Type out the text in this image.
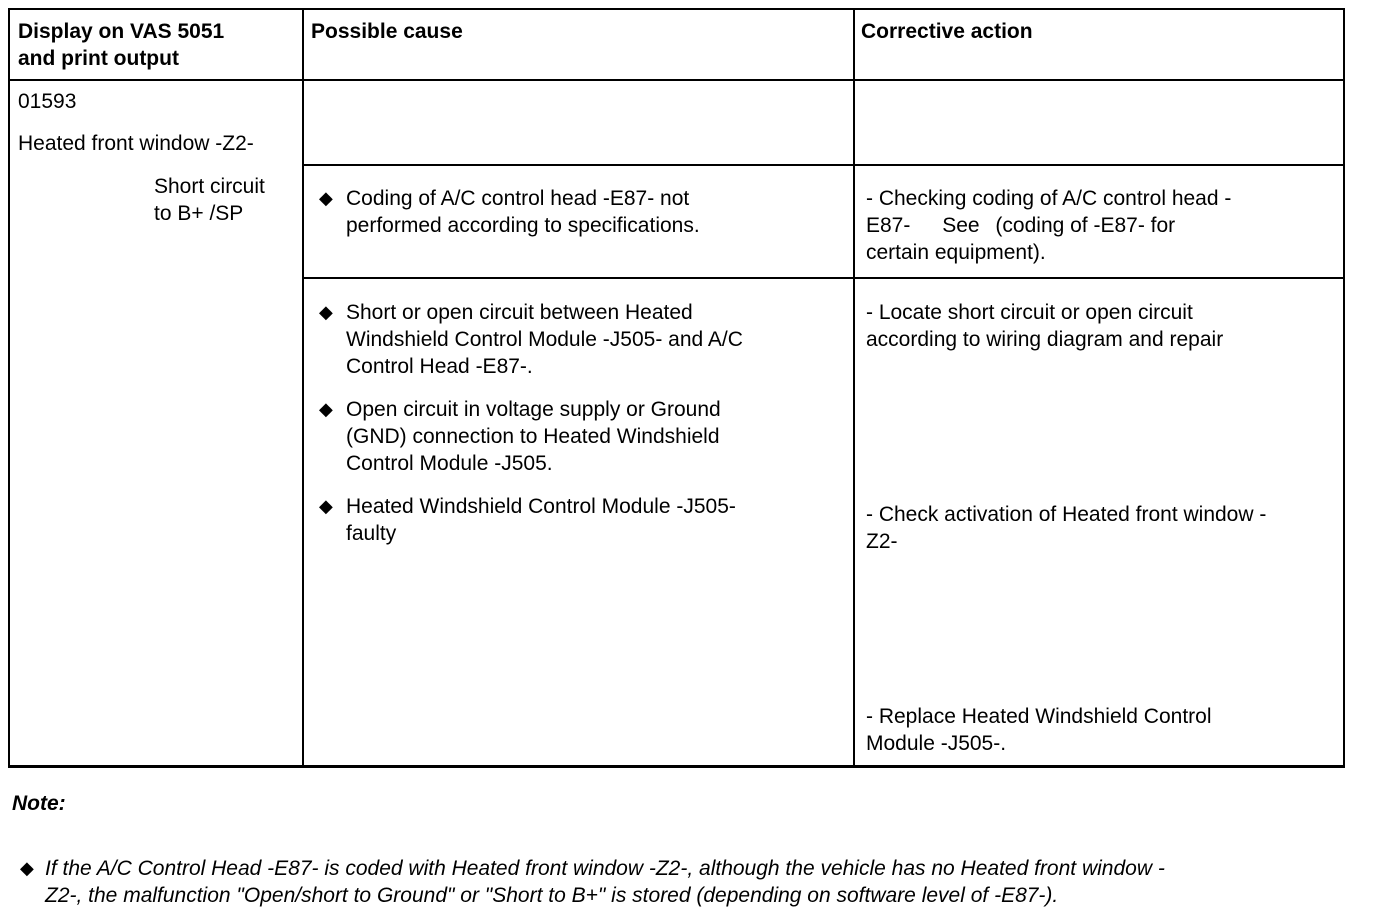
Display on VAS 5051
and print output
Possible cause	Corrective action
01593
Heated front window -Z2-
Short circuit
to B+ /SP
◆ Coding of A/C control head -E87- not
performed according to specifications.
- Checking coding of A/C control head -
E87- See (coding of -E87- for
certain equipment).
◆ Short or open circuit between Heated
Windshield Control Module -J505- and A/C
Control Head -E87-.
◆ Open circuit in voltage supply or Ground
(GND) connection to Heated Windshield
Control Module -J505.
◆ Heated Windshield Control Module -J505-
faulty
- Locate short circuit or open circuit
according to wiring diagram and repair
- Check activation of Heated front window -
Z2-
- Replace Heated Windshield Control
Module -J505-.
Note:
◆ If the A/C Control Head -E87- is coded with Heated front window -Z2-, although the vehicle has no Heated front window -
Z2-, the malfunction "Open/short to Ground" or "Short to B+" is stored (depending on software level of -E87-).
